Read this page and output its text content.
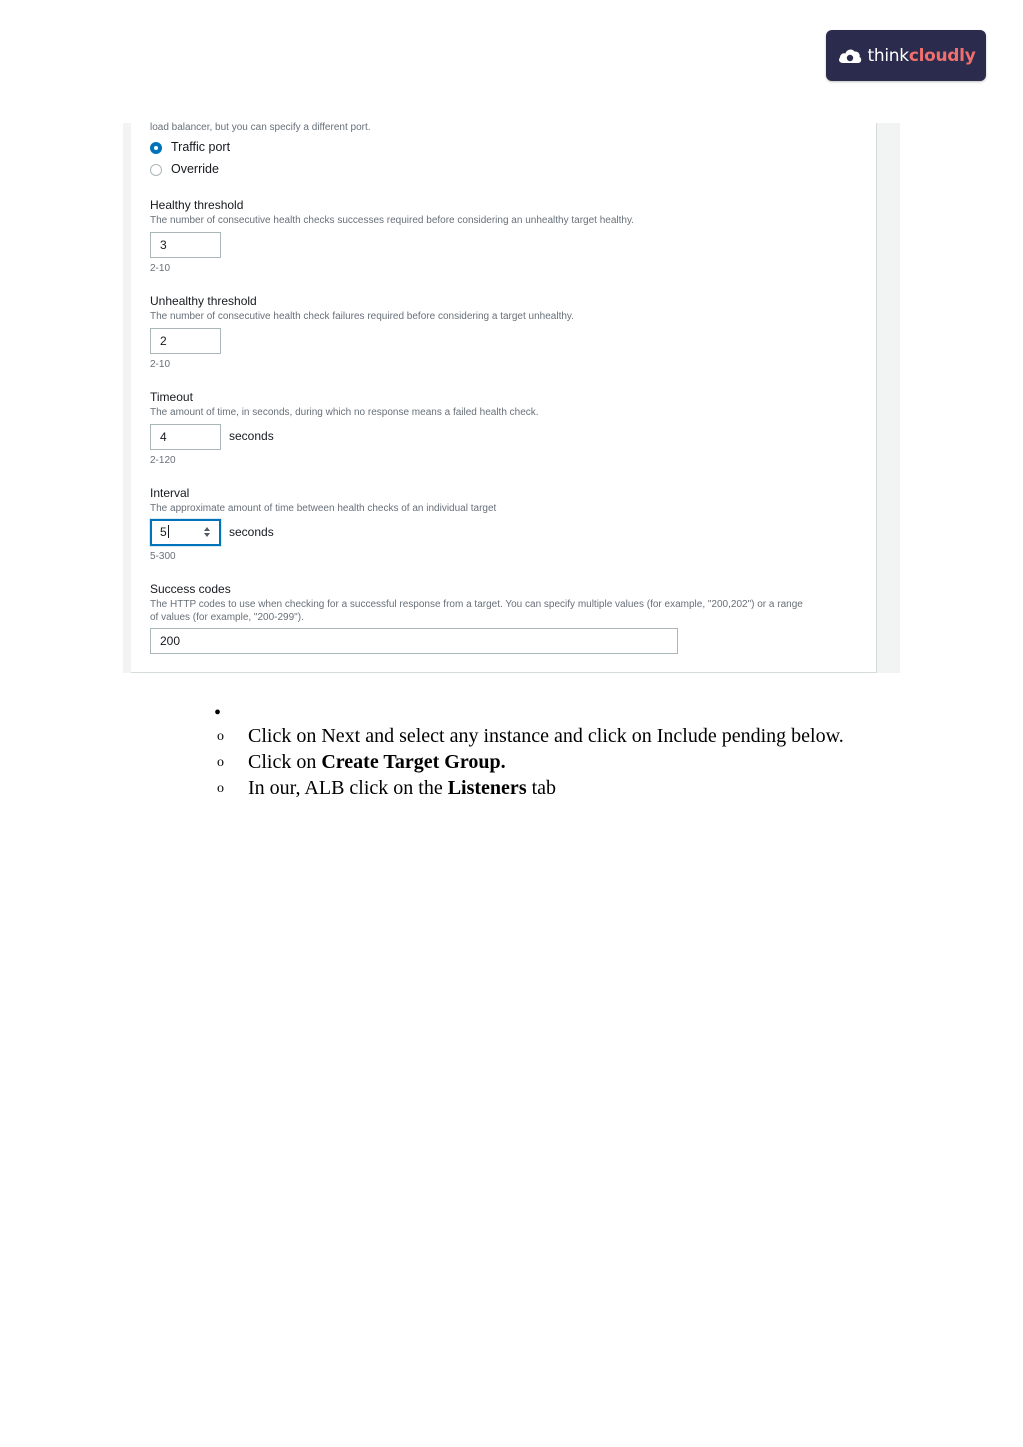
thinkcloudly
load balancer, but you can specify a different port.
Traffic port
Override
Healthy threshold
The number of consecutive health checks successes required before considering an unhealthy target healthy.
3
2-10
Unhealthy threshold
The number of consecutive health check failures required before considering a target unhealthy.
2
2-10
Timeout
The amount of time, in seconds, during which no response means a failed health check.
4	seconds
2-120
Interval
The approximate amount of time between health checks of an individual target
5	seconds
5-300
Success codes
The HTTP codes to use when checking for a successful response from a target. You can specify multiple values (for example, "200,202") or a range
of values (for example, "200-299").
200
•
o Click on Next and select any instance and click on Include pending below.
o Click on Create Target Group.
o In our, ALB click on the Listeners tab
